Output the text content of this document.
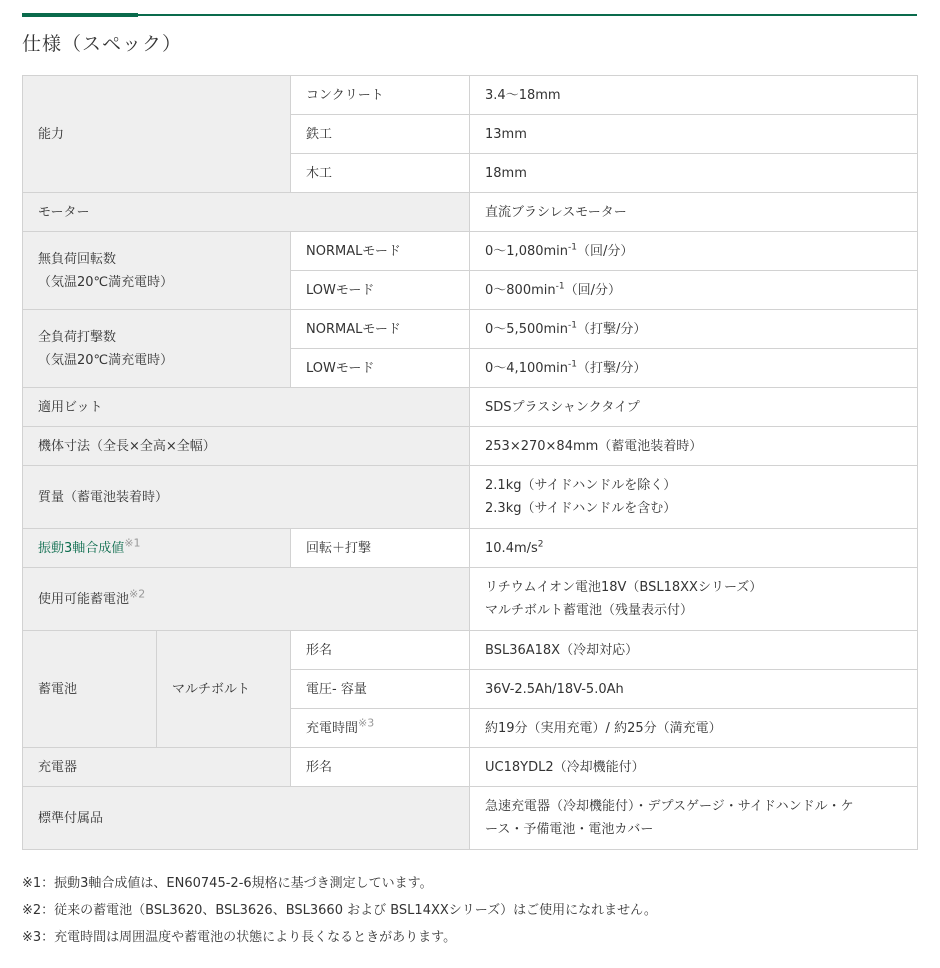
仕様（スペック）
能力		コンクリート	3.4～18mm
		鉄工	13mm
		木工	18mm
モーター			直流ブラシレスモーター

無負荷回転数
（気温20℃満充電時）		NORMALモード	$0\sim 1,080\min^{-1}$（回/分）
		LOWモード	$0\sim 800\min^{-1}$（回/分）

全負荷打撃数
（気温20℃満充電時）		NORMALモード	$0\sim 5,500\min^{-1}$（打撃/分）
		LOWモード	$0\sim 4,100\min^{-1}$（打撃/分）
適用ビット			SDSプラスシャンクタイプ
機体寸法（全長×全高×全幅）			253×270×84mm（蓄電池装着時）
質量（蓄電池装着時）			2.1kg（サイドハンドルを除く）
2.3kg（サイドハンドルを含む）

振動3軸合成値$^{※1}$		回転＋打撃	$10.4m/s^2$
使用可能蓄電池$^{※2}$			リチウムイオン電池18V（BSL18XXシリーズ）
マルチボルト蓄電池（残量表示付）

蓄電池	マルチボルト	形名	BSL36A18X（冷却対応）
		電圧- 容量	36V-2.5Ah/18V-5.0Ah
		充電時間$^{※3}$	約19分（実用充電）/ 約25分（満充電）
充電器		形名	UC18YDL2（冷却機能付）
標準付属品			急速充電器（冷却機能付）・デプスゲージ・サイドハンドル・ケ
ース・予備電池・電池カバー
※1：振動3軸合成値は、EN60745-2-6規格に基づき測定しています。
※2：従来の蓄電池（BSL3620、BSL3626、BSL3660 および BSL14XXシリーズ）はご使用になれません。
※3：充電時間は周囲温度や蓄電池の状態により長くなるときがあります。
